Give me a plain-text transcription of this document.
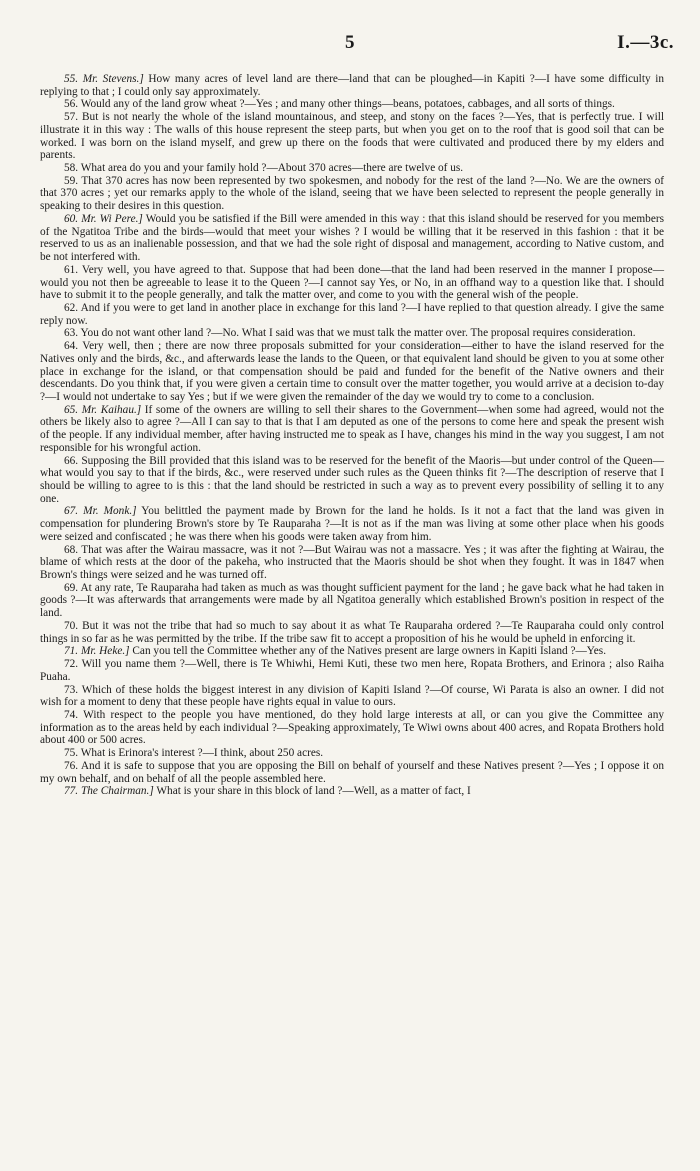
5	I.—3c.

55. Mr. Stevens.] How many acres of level land are there—land that can be ploughed—in Kapiti ?—I have some difficulty in replying to that ; I could only say approximately.

56. Would any of the land grow wheat ?—Yes ; and many other things—beans, potatoes, cabbages, and all sorts of things.

57. But is not nearly the whole of the island mountainous, and steep, and stony on the faces ?—Yes, that is perfectly true. I will illustrate it in this way : The walls of this house represent the steep parts, but when you get on to the roof that is good soil that can be worked. I was born on the island myself, and grew up there on the foods that were cultivated and produced there by my elders and parents.

58. What area do you and your family hold ?—About 370 acres—there are twelve of us.

59. That 370 acres has now been represented by two spokesmen, and nobody for the rest of the land ?—No. We are the owners of that 370 acres ; yet our remarks apply to the whole of the island, seeing that we have been selected to represent the people generally in speaking to their desires in this question.

60. Mr. Wi Pere.] Would you be satisfied if the Bill were amended in this way : that this island should be reserved for you members of the Ngatitoa Tribe and the birds—would that meet your wishes ? I would be willing that it be reserved in this fashion : that it be reserved to us as an inalienable possession, and that we had the sole right of disposal and management, according to Native custom, and be not interfered with.

61. Very well, you have agreed to that. Suppose that had been done—that the land had been reserved in the manner I propose—would you not then be agreeable to lease it to the Queen ?—I cannot say Yes, or No, in an offhand way to a question like that. I should have to submit it to the people generally, and talk the matter over, and come to you with the general wish of the people.

62. And if you were to get land in another place in exchange for this land ?—I have replied to that question already. I give the same reply now.

63. You do not want other land ?—No. What I said was that we must talk the matter over. The proposal requires consideration.

64. Very well, then ; there are now three proposals submitted for your consideration—either to have the island reserved for the Natives only and the birds, &c., and afterwards lease the lands to the Queen, or that equivalent land should be given to you at some other place in exchange for the island, or that compensation should be paid and funded for the benefit of the Native owners and their descendants. Do you think that, if you were given a certain time to consult over the matter together, you would arrive at a decision to-day ?—I would not undertake to say Yes ; but if we were given the remainder of the day we would try to come to a conclusion.

65. Mr. Kaihau.] If some of the owners are willing to sell their shares to the Government—when some had agreed, would not the others be likely also to agree ?—All I can say to that is that I am deputed as one of the persons to come here and speak the present wish of the people. If any individual member, after having instructed me to speak as I have, changes his mind in the way you suggest, I am not responsible for his wrongful action.

66. Supposing the Bill provided that this island was to be reserved for the benefit of the Maoris—but under control of the Queen—what would you say to that if the birds, &c., were reserved under such rules as the Queen thinks fit ?—The description of reserve that I should be willing to agree to is this : that the land should be restricted in such a way as to prevent every possibility of selling it to any one.

67. Mr. Monk.] You belittled the payment made by Brown for the land he holds. Is it not a fact that the land was given in compensation for plundering Brown's store by Te Rauparaha ?—It is not as if the man was living at some other place when his goods were seized and confiscated ; he was there when his goods were taken away from him.

68. That was after the Wairau massacre, was it not ?—But Wairau was not a massacre. Yes ; it was after the fighting at Wairau, the blame of which rests at the door of the pakeha, who instructed that the Maoris should be shot when they fought. It was in 1847 when Brown's things were seized and he was turned off.

69. At any rate, Te Rauparaha had taken as much as was thought sufficient payment for the land ; he gave back what he had taken in goods ?—It was afterwards that arrangements were made by all Ngatitoa generally which established Brown's position in respect of the land.

70. But it was not the tribe that had so much to say about it as what Te Rauparaha ordered ?—Te Rauparaha could only control things in so far as he was permitted by the tribe. If the tribe saw fit to accept a proposition of his he would be upheld in enforcing it.

71. Mr. Heke.] Can you tell the Committee whether any of the Natives present are large owners in Kapiti Island ?—Yes.

72. Will you name them ?—Well, there is Te Whiwhi, Hemi Kuti, these two men here, Ropata Brothers, and Erinora ; also Raiha Puaha.

73. Which of these holds the biggest interest in any division of Kapiti Island ?—Of course, Wi Parata is also an owner. I did not wish for a moment to deny that these people have rights equal in value to ours.

74. With respect to the people you have mentioned, do they hold large interests at all, or can you give the Committee any information as to the areas held by each individual ?—Speaking approximately, Te Wiwi owns about 400 acres, and Ropata Brothers hold about 400 or 500 acres.

75. What is Erinora's interest ?—I think, about 250 acres.

76. And it is safe to suppose that you are opposing the Bill on behalf of yourself and these Natives present ?—Yes ; I oppose it on my own behalf, and on behalf of all the people assembled here.

77. The Chairman.] What is your share in this block of land ?—Well, as a matter of fact, I
